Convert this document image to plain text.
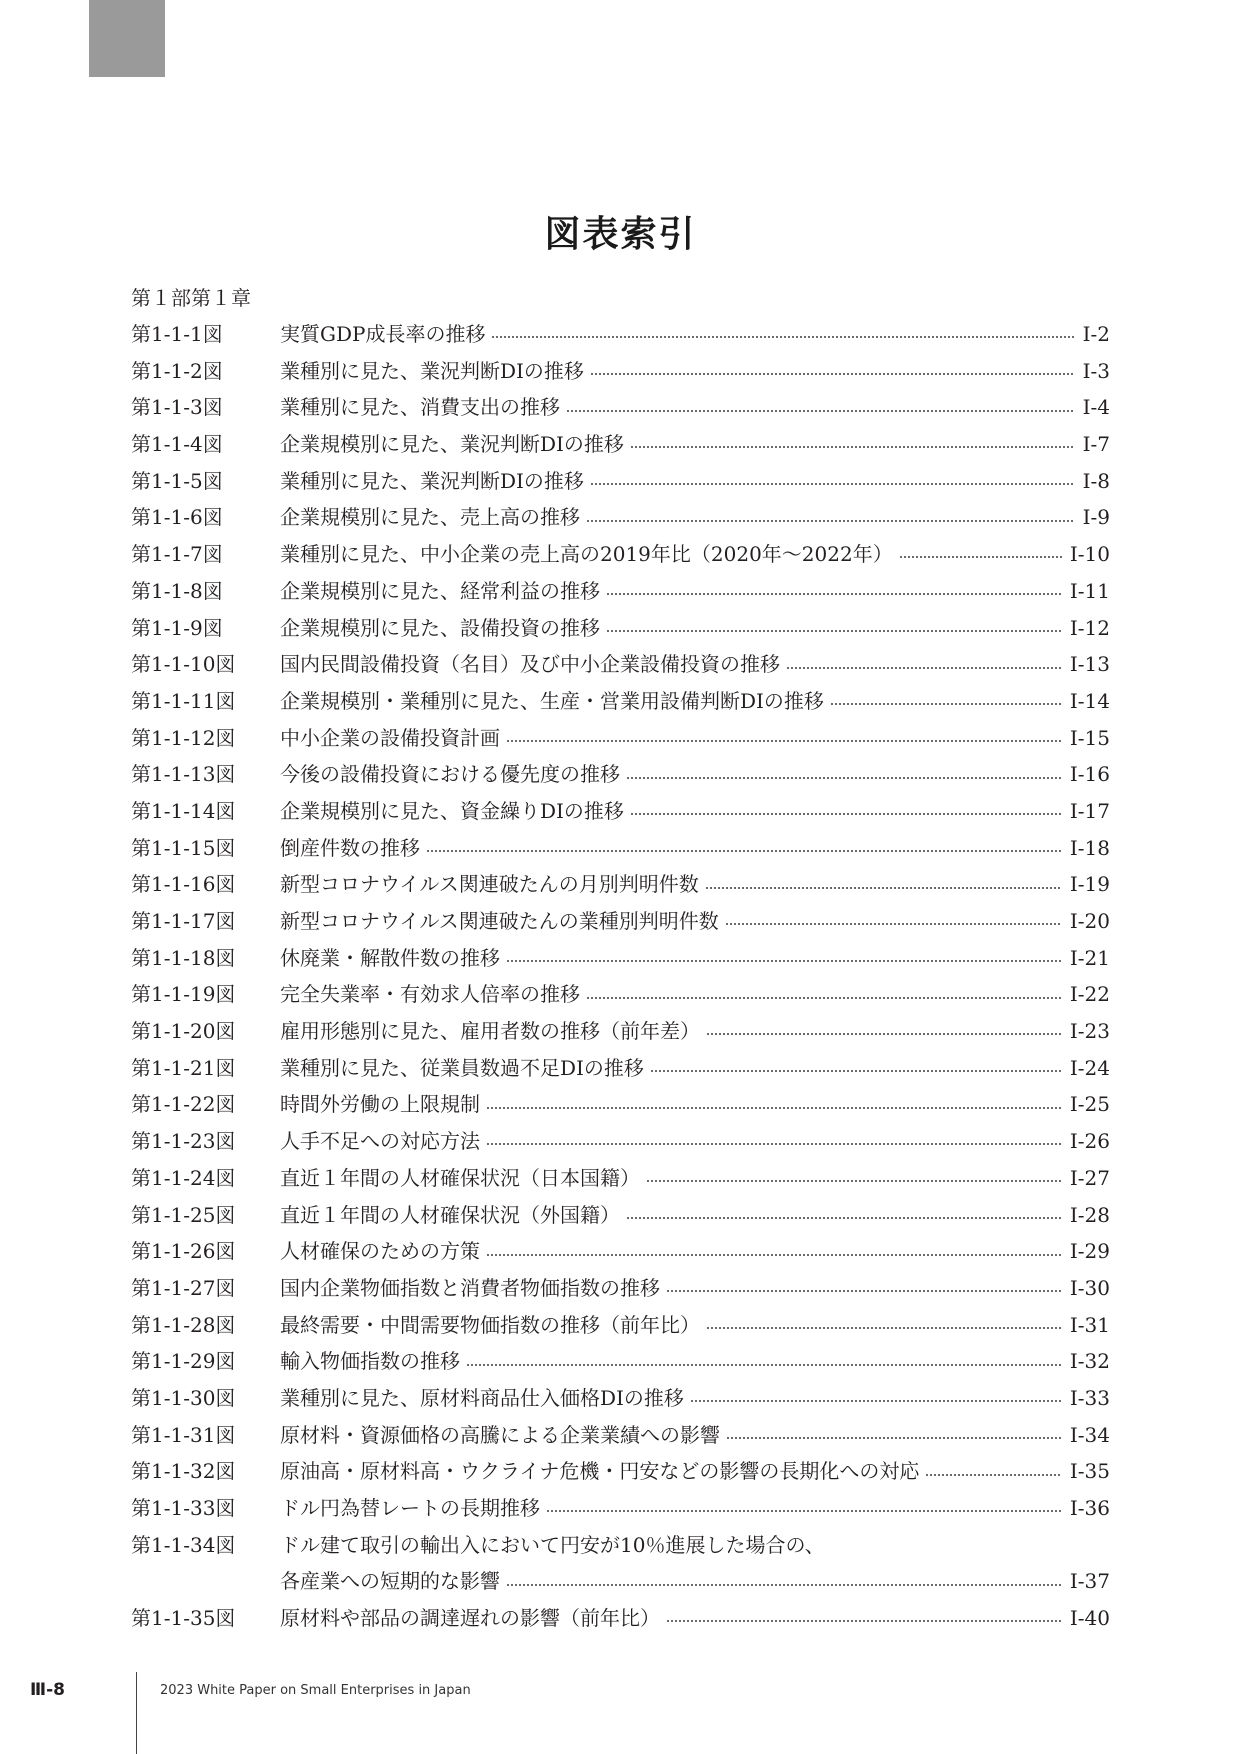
図表索引
第１部第１章
第1-1-1図	実質GDP成長率の推移	Ⅰ-2
第1-1-2図	業種別に見た、業況判断DIの推移	Ⅰ-3
第1-1-3図	業種別に見た、消費支出の推移	Ⅰ-4
第1-1-4図	企業規模別に見た、業況判断DIの推移	Ⅰ-7
第1-1-5図	業種別に見た、業況判断DIの推移	Ⅰ-8
第1-1-6図	企業規模別に見た、売上高の推移	Ⅰ-9
第1-1-7図	業種別に見た、中小企業の売上高の2019年比（2020年～2022年）	Ⅰ-10
第1-1-8図	企業規模別に見た、経常利益の推移	Ⅰ-11
第1-1-9図	企業規模別に見た、設備投資の推移	Ⅰ-12
第1-1-10図 国内民間設備投資（名目）及び中小企業設備投資の推移	Ⅰ-13
第1-1-11図 企業規模別・業種別に見た、生産・営業用設備判断DIの推移	Ⅰ-14
第1-1-12図 中小企業の設備投資計画	Ⅰ-15
第1-1-13図 今後の設備投資における優先度の推移	Ⅰ-16
第1-1-14図 企業規模別に見た、資金繰りDIの推移	Ⅰ-17
第1-1-15図 倒産件数の推移	Ⅰ-18
第1-1-16図 新型コロナウイルス関連破たんの月別判明件数	Ⅰ-19
第1-1-17図 新型コロナウイルス関連破たんの業種別判明件数	Ⅰ-20
第1-1-18図 休廃業・解散件数の推移	Ⅰ-21
第1-1-19図 完全失業率・有効求人倍率の推移	Ⅰ-22
第1-1-20図 雇用形態別に見た、雇用者数の推移（前年差）	Ⅰ-23
第1-1-21図 業種別に見た、従業員数過不足DIの推移	Ⅰ-24
第1-1-22図 時間外労働の上限規制	Ⅰ-25
第1-1-23図 人手不足への対応方法	Ⅰ-26
第1-1-24図 直近１年間の人材確保状況（日本国籍）	Ⅰ-27
第1-1-25図 直近１年間の人材確保状況（外国籍）	Ⅰ-28
第1-1-26図 人材確保のための方策	Ⅰ-29
第1-1-27図 国内企業物価指数と消費者物価指数の推移	Ⅰ-30
第1-1-28図 最終需要・中間需要物価指数の推移（前年比）	Ⅰ-31
第1-1-29図 輸入物価指数の推移	Ⅰ-32
第1-1-30図 業種別に見た、原材料商品仕入価格DIの推移	Ⅰ-33
第1-1-31図 原材料・資源価格の高騰による企業業績への影響	Ⅰ-34
第1-1-32図 原油高・原材料高・ウクライナ危機・円安などの影響の長期化への対応	Ⅰ-35
第1-1-33図 ドル円為替レートの長期推移	Ⅰ-36
第1-1-34図 ドル建て取引の輸出入において円安が10％進展した場合の、
各産業への短期的な影響	Ⅰ-37
第1-1-35図 原材料や部品の調達遅れの影響（前年比）	Ⅰ-40
Ⅲ-8	2023 White Paper on Small Enterprises in Japan
